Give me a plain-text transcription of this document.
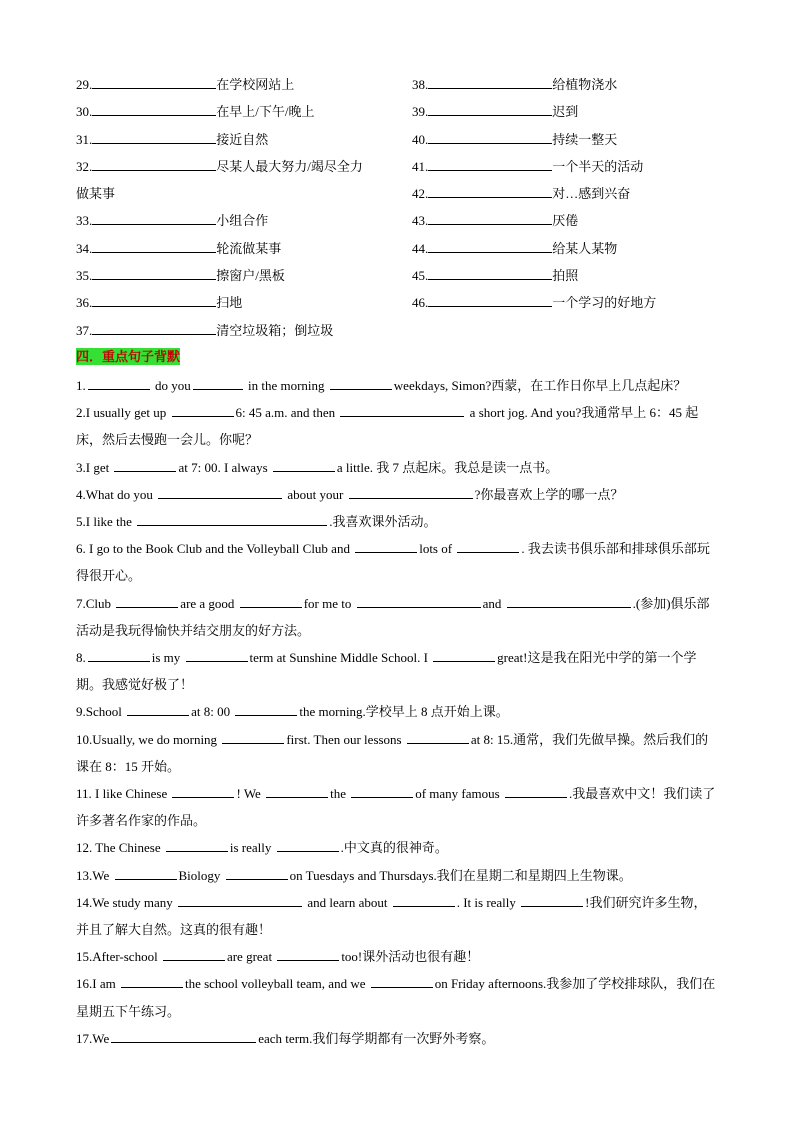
29.	在学校网站上	38.	给植物浇水
30.	在早上/下午/晚上	39.	迟到
31.	接近自然	40.	持续一整天
32.	尽某人最大努力/竭尽全力	41.	一个半天的活动
做某事	42.	对…感到兴奋
33.	小组合作	43.	厌倦
34.	轮流做某事	44.	给某人某物
35.	擦窗户/黑板	45.	拍照
36.	扫地	46.	一个学习的好地方
37.	清空垃圾箱；倒垃圾
四．重点句子背默

1.	do you	in the morning	weekdays, Simon?西蒙，在工作日你早上几点起床？

2.I usually get up	6: 45 a.m. and then	a short jog. And you?我通常早上 6：45 起床，然后去慢跑一会儿。你呢？

3.I get	at 7: 00. I always	a little. 我 7 点起床。我总是读一点书。

4.What do you	about your	?你最喜欢上学的哪一点？

5.I like the	.我喜欢课外活动。

6. I go to the Book Club and the Volleyball Club and	lots of	. 我去读书俱乐部和排球俱乐部玩得很开心。

7.Club	are a good	for me to	and	.(参加)俱乐部活动是我玩得愉快并结交朋友的好方法。

8.	is my	term at Sunshine Middle School. I	great!这是我在阳光中学的第一个学期。我感觉好极了！

9.School	at 8: 00	the morning.学校早上 8 点开始上课。

10.Usually, we do morning	first. Then our lessons	at 8: 15.通常，我们先做早操。然后我们的课在 8：15 开始。

11. I like Chinese	! We	the	of many famous	.我最喜欢中文！我们读了许多著名作家的作品。

12. The Chinese	is really	.中文真的很神奇。

13.We	Biology	on Tuesdays and Thursdays.我们在星期二和星期四上生物课。

14.We study many	and learn about	. It is really	!我们研究许多生物，并且了解大自然。这真的很有趣！

15.After-school	are great	too!课外活动也很有趣！

16.I am	the school volleyball team, and we	on Friday afternoons.我参加了学校排球队，我们在星期五下午练习。

17.We	each term.我们每学期都有一次野外考察。
